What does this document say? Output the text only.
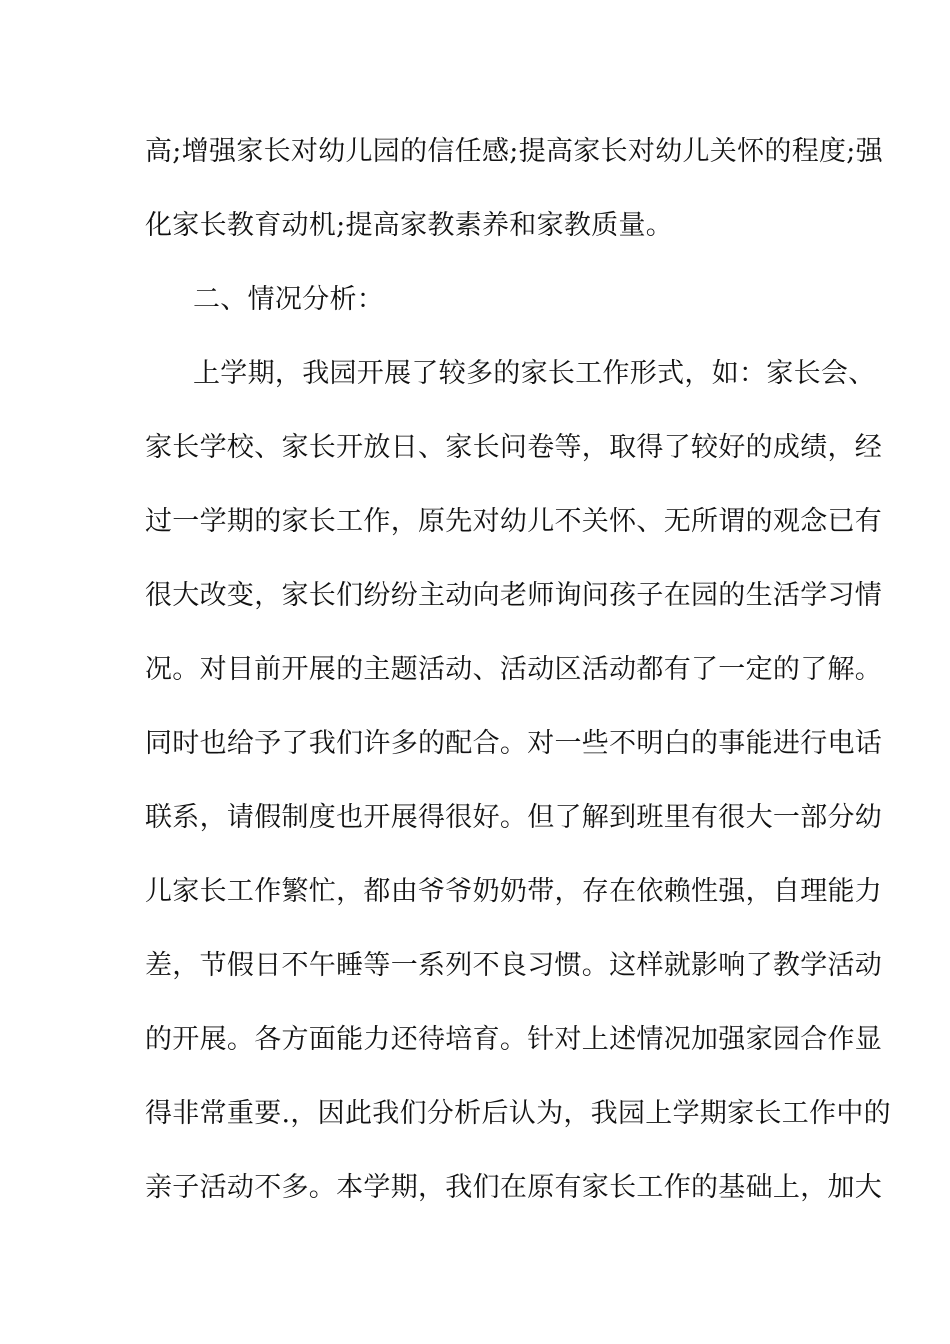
高;增强家长对幼儿园的信任感;提高家长对幼儿关怀的程度;强
化家长教育动机;提高家教素养和家教质量。
二、情况分析：
上学期，我园开展了较多的家长工作形式，如：家长会、
家长学校、家长开放日、家长问卷等，取得了较好的成绩，经
过一学期的家长工作，原先对幼儿不关怀、无所谓的观念已有
很大改变，家长们纷纷主动向老师询问孩子在园的生活学习情
况。对目前开展的主题活动、活动区活动都有了一定的了解。
同时也给予了我们许多的配合。对一些不明白的事能进行电话
联系，请假制度也开展得很好。但了解到班里有很大一部分幼
儿家长工作繁忙，都由爷爷奶奶带，存在依赖性强，自理能力
差，节假日不午睡等一系列不良习惯。这样就影响了教学活动
的开展。各方面能力还待培育。针对上述情况加强家园合作显
得非常重要.，因此我们分析后认为，我园上学期家长工作中的
亲子活动不多。本学期，我们在原有家长工作的基础上，加大
